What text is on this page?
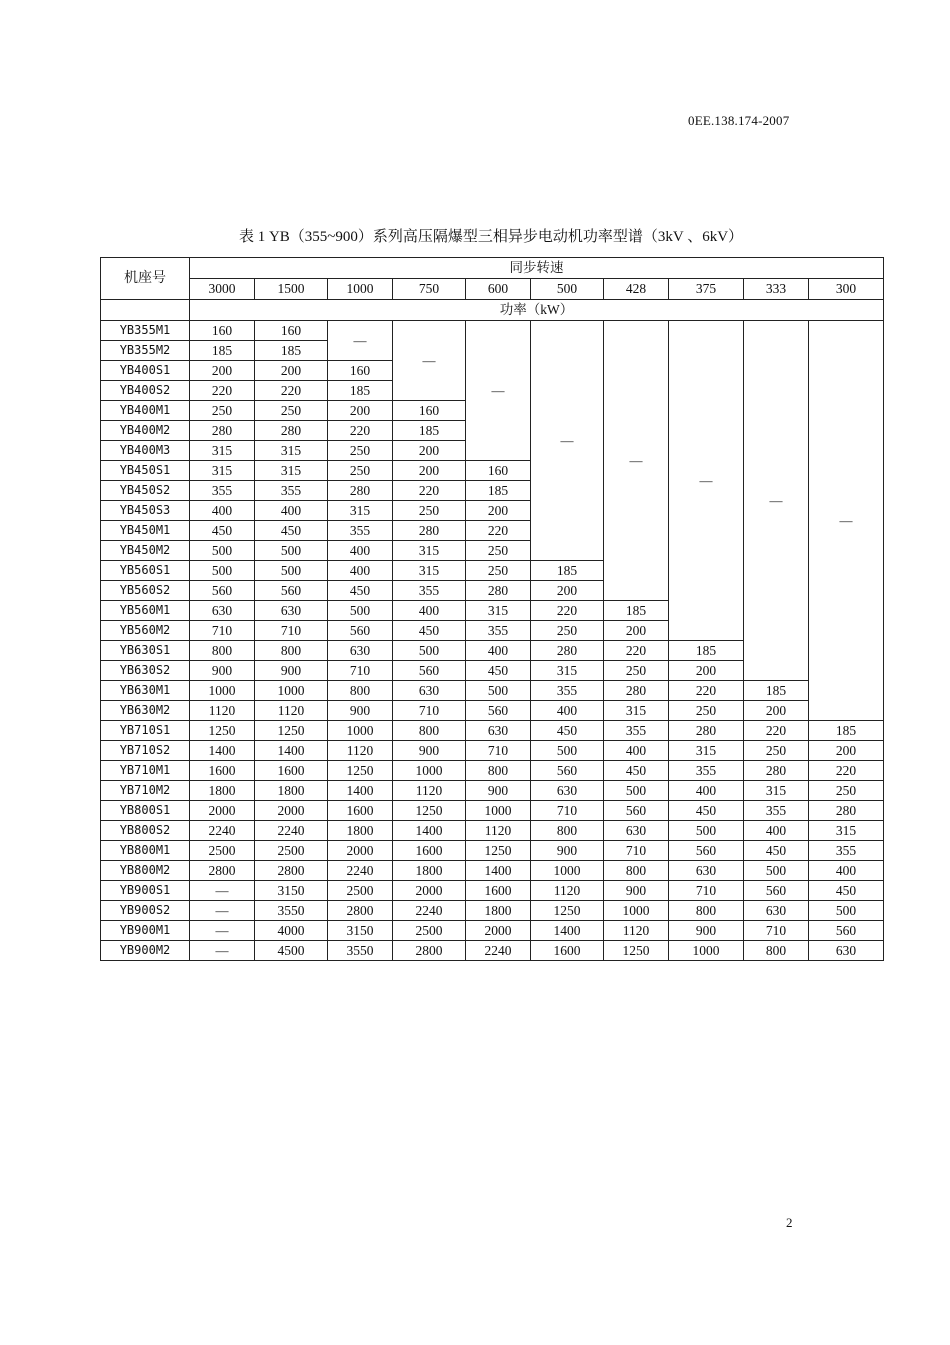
0EE.138.174-2007
表 1 YB（355~900）系列高压隔爆型三相异步电动机功率型谱（3kV 、6kV）
机座号	同步转速									
	3000	1500	1000	750	600	500	428	375	333	300
	功率（kW）									
YB355M1	160	160	—	—	—	—	—	—	—	—
YB355M2	185	185								
YB400S1	200	200	160							
YB400S2	220	220	185							
YB400M1	250	250	200	160						
YB400M2	280	280	220	185						
YB400M3	315	315	250	200						
YB450S1	315	315	250	200	160					
YB450S2	355	355	280	220	185					
YB450S3	400	400	315	250	200					
YB450M1	450	450	355	280	220					
YB450M2	500	500	400	315	250					
YB560S1	500	500	400	315	250	185				
YB560S2	560	560	450	355	280	200				
YB560M1	630	630	500	400	315	220	185			
YB560M2	710	710	560	450	355	250	200			
YB630S1	800	800	630	500	400	280	220	185		
YB630S2	900	900	710	560	450	315	250	200		
YB630M1	1000	1000	800	630	500	355	280	220	185	
YB630M2	1120	1120	900	710	560	400	315	250	200	
YB710S1	1250	1250	1000	800	630	450	355	280	220	185
YB710S2	1400	1400	1120	900	710	500	400	315	250	200
YB710M1	1600	1600	1250	1000	800	560	450	355	280	220
YB710M2	1800	1800	1400	1120	900	630	500	400	315	250
YB800S1	2000	2000	1600	1250	1000	710	560	450	355	280
YB800S2	2240	2240	1800	1400	1120	800	630	500	400	315
YB800M1	2500	2500	2000	1600	1250	900	710	560	450	355
YB800M2	2800	2800	2240	1800	1400	1000	800	630	500	400
YB900S1	—	3150	2500	2000	1600	1120	900	710	560	450
YB900S2	—	3550	2800	2240	1800	1250	1000	800	630	500
YB900M1	—	4000	3150	2500	2000	1400	1120	900	710	560
YB900M2	—	4500	3550	2800	2240	1600	1250	1000	800	630
2
